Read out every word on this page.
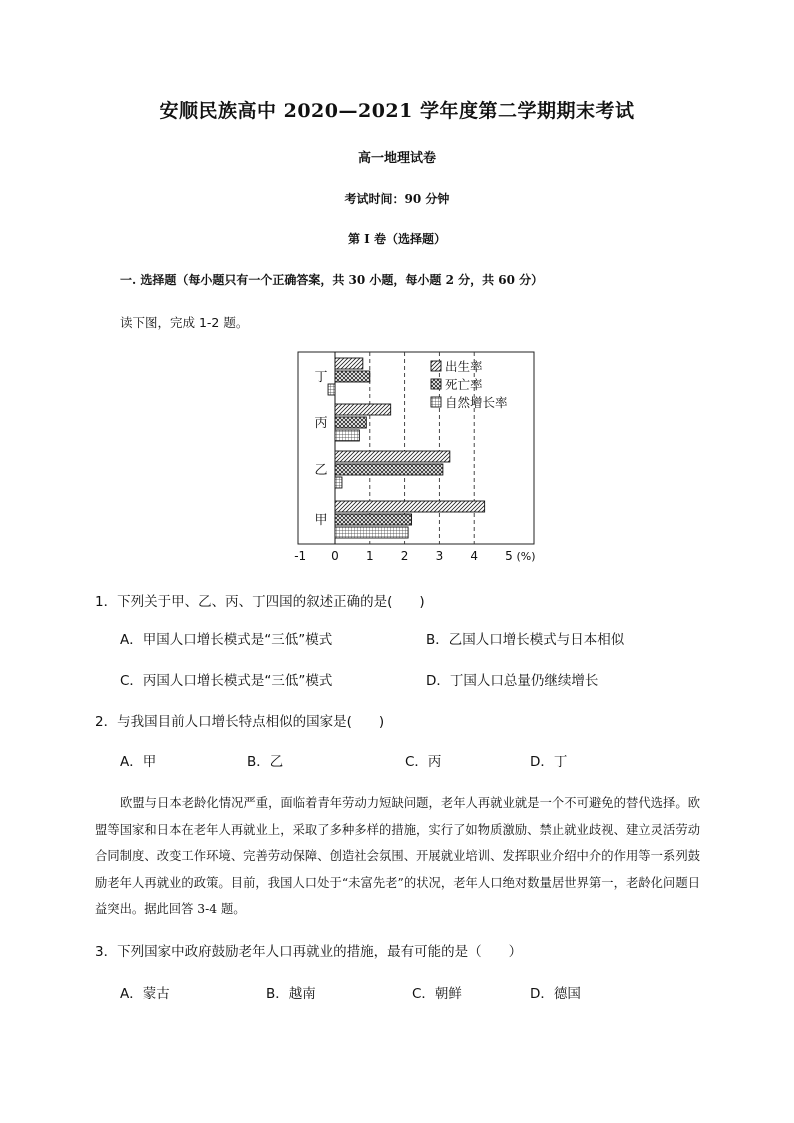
安顺民族高中 2020—2021 学年度第二学期期末考试
高一地理试卷
考试时间：90 分钟
第 I 卷（选择题）
一. 选择题（每小题只有一个正确答案，共 30 小题，每小题 2 分，共 60 分）
读下图，完成 1-2 题。
甲
乙
丙
丁
-1 0 1 2 3 4 5 (%)
出生率
死亡率
自然增长率
1．下列关于甲、乙、丙、丁四国的叙述正确的是(　　)
A．甲国人口增长模式是“三低”模式	B．乙国人口增长模式与日本相似
C．丙国人口增长模式是“三低”模式	D．丁国人口总量仍继续增长
2．与我国目前人口增长特点相似的国家是(　　)
A．甲	B．乙	C．丙	D．丁
欧盟与日本老龄化情况严重，面临着青年劳动力短缺问题，老年人再就业就是一个不可避免的替代选择。欧盟等国家和日本在老年人再就业上，采取了多种多样的措施，实行了如物质激励、禁止就业歧视、建立灵活劳动合同制度、改变工作环境、完善劳动保障、创造社会氛围、开展就业培训、发挥职业介绍中介的作用等一系列鼓励老年人再就业的政策。目前，我国人口处于“未富先老”的状况，老年人口绝对数量居世界第一，老龄化问题日益突出。据此回答 3-4 题。
3．下列国家中政府鼓励老年人口再就业的措施，最有可能的是（　　）
A．蒙古	B．越南	C．朝鲜	D．德国
